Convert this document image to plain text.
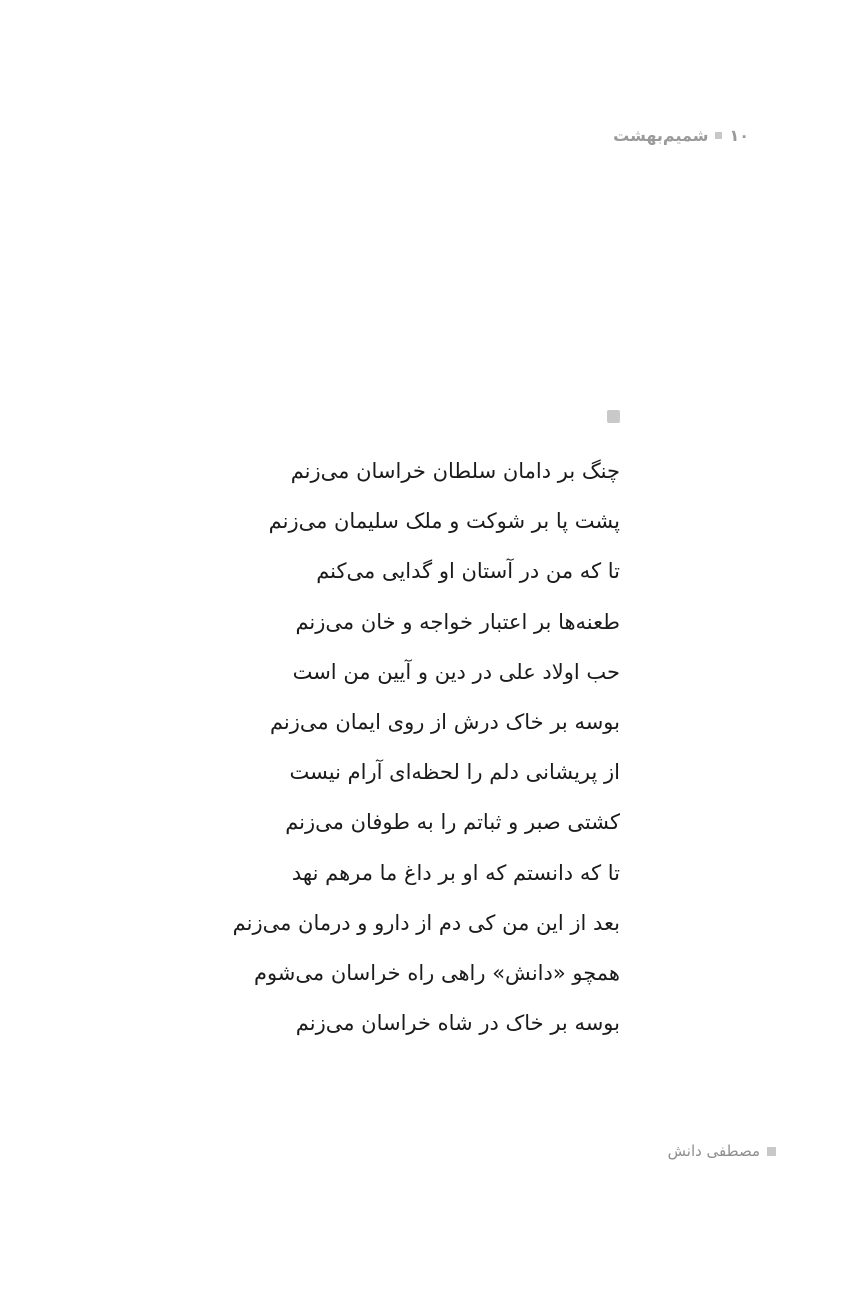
۱۰
شمیم‌بهشت
چنگ بر دامان سلطان خراسان می‌زنم
پشت پا بر شوکت و ملک سلیمان می‌زنم
تا که من در آستان او گدایی می‌کنم
طعنه‌ها بر اعتبار خواجه و خان می‌زنم
حب اولاد علی در دین و آیین من است
بوسه بر خاک درش از روی ایمان می‌زنم
از پریشانی دلم را لحظه‌ای آرام نیست
کشتی صبر و ثباتم را به طوفان می‌زنم
تا که دانستم که او بر داغ ما مرهم نهد
بعد از این من کی دم از دارو و درمان می‌زنم
همچو «دانش» راهی راه خراسان می‌شوم
بوسه بر خاک در شاه خراسان می‌زنم
مصطفی دانش
